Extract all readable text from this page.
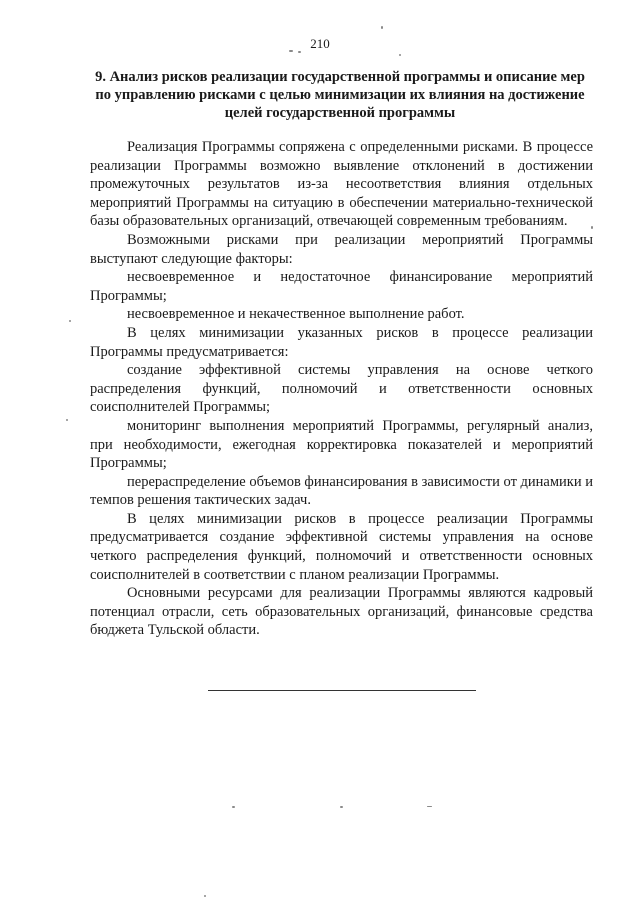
210
9. Анализ рисков реализации государственной программы и описание мер по управлению рисками с целью минимизации их влияния на достижение целей государственной программы

Реализация Программы сопряжена с определенными рисками. В процессе реализации Программы возможно выявление отклонений в достижении промежуточных результатов из-за несоответствия влияния отдельных мероприятий Программы на ситуацию в обеспечении материально-технической базы образовательных организаций, отвечающей современным требованиям.

Возможными рисками при реализации мероприятий Программы выступают следующие факторы:

несвоевременное и недостаточное финансирование мероприятий Программы;

несвоевременное и некачественное выполнение работ.

В целях минимизации указанных рисков в процессе реализации Программы предусматривается:

создание эффективной системы управления на основе четкого распределения функций, полномочий и ответственности основных соисполнителей Программы;

мониторинг выполнения мероприятий Программы, регулярный анализ, при необходимости, ежегодная корректировка показателей и мероприятий Программы;

перераспределение объемов финансирования в зависимости от динамики и темпов решения тактических задач.

В целях минимизации рисков в процессе реализации Программы предусматривается создание эффективной системы управления на основе четкого распределения функций, полномочий и ответственности основных соисполнителей в соответствии с планом реализации Программы.

Основными ресурсами для реализации Программы являются кадровый потенциал отрасли, сеть образовательных организаций, финансовые средства бюджета Тульской области.
